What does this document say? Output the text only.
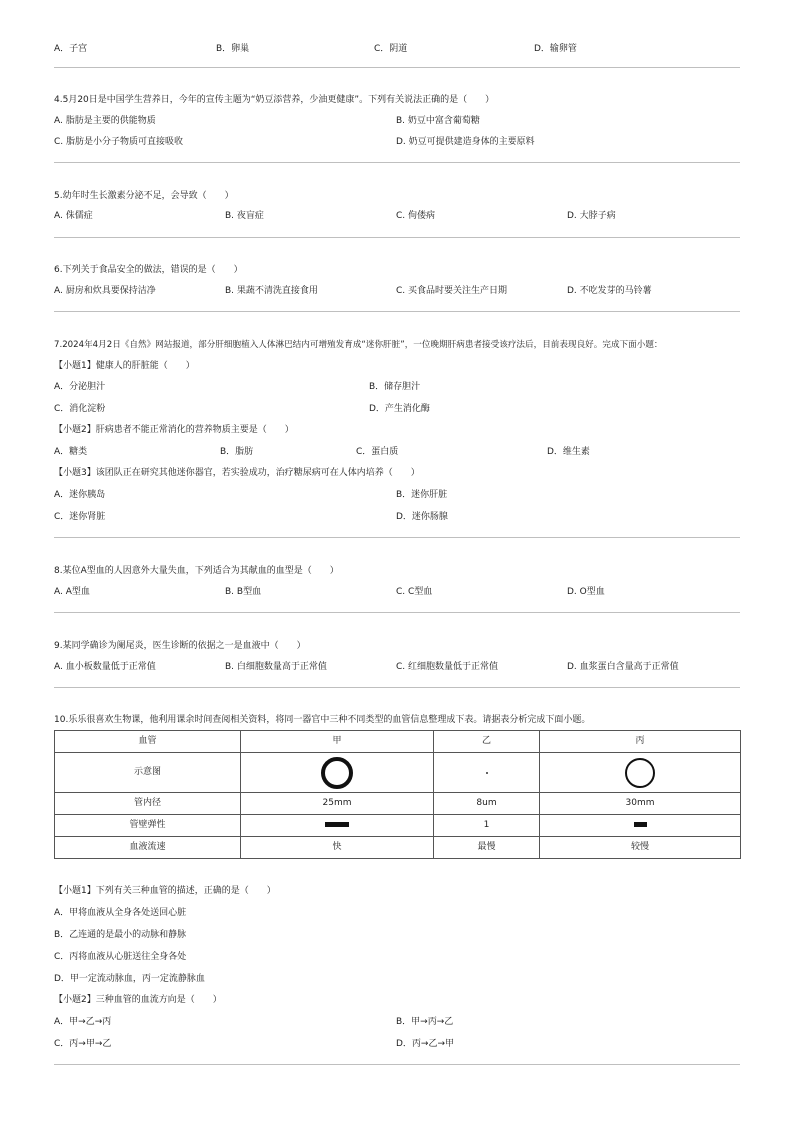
A．子宫	B．卵巢	C．阴道	D．输卵管
4.5月20日是中国学生营养日，今年的宣传主题为“奶豆添营养，少油更健康”。下列有关说法正确的是（　　）
A. 脂肪是主要的供能物质	B. 奶豆中富含葡萄糖
C. 脂肪是小分子物质可直接吸收	D. 奶豆可提供建造身体的主要原料
5.幼年时生长激素分泌不足，会导致（　　）
A. 侏儒症	B. 夜盲症	C. 佝偻病	D. 大脖子病
6.下列关于食品安全的做法，错误的是（　　）
A. 厨房和炊具要保持洁净	B. 果蔬不清洗直接食用	C. 买食品时要关注生产日期	D. 不吃发芽的马铃薯
7.2024年4月2日《自然》网站报道，部分肝细胞植入人体淋巴结内可增殖发育成“迷你肝脏”，一位晚期肝病患者接受该疗法后，目前表现良好。完成下面小题：
【小题1】健康人的肝脏能（　　）
A．分泌胆汁	B．储存胆汁
C．消化淀粉	D．产生消化酶
【小题2】肝病患者不能正常消化的营养物质主要是（　　）
A．糖类	B．脂肪	C．蛋白质	D．维生素
【小题3】该团队正在研究其他迷你器官，若实验成功，治疗糖尿病可在人体内培养（　　）
A．迷你胰岛	B．迷你肝脏
C．迷你肾脏	D．迷你肠腺
8.某位A型血的人因意外大量失血，下列适合为其献血的血型是（　　）
A. A型血	B. B型血	C. C型血	D. O型血
9.某同学确诊为阑尾炎，医生诊断的依据之一是血液中（　　）
A. 血小板数量低于正常值	B. 白细胞数量高于正常值	C. 红细胞数量低于正常值	D. 血浆蛋白含量高于正常值
10.乐乐很喜欢生物课，他利用课余时间查阅相关资料，将同一器官中三种不同类型的血管信息整理成下表。请据表分析完成下面小题。
血管	甲	乙	丙
示意图			
管内径	25mm	8um	30mm
管壁弹性		1	
血液流速	快	最慢	较慢
【小题1】下列有关三种血管的描述，正确的是（　　）
A．甲将血液从全身各处送回心脏
B．乙连通的是最小的动脉和静脉
C．丙将血液从心脏送往全身各处
D．甲一定流动脉血，丙一定流静脉血
【小题2】三种血管的血流方向是（　　）
A．甲→乙→丙	B．甲→丙→乙
C．丙→甲→乙	D．丙→乙→甲
